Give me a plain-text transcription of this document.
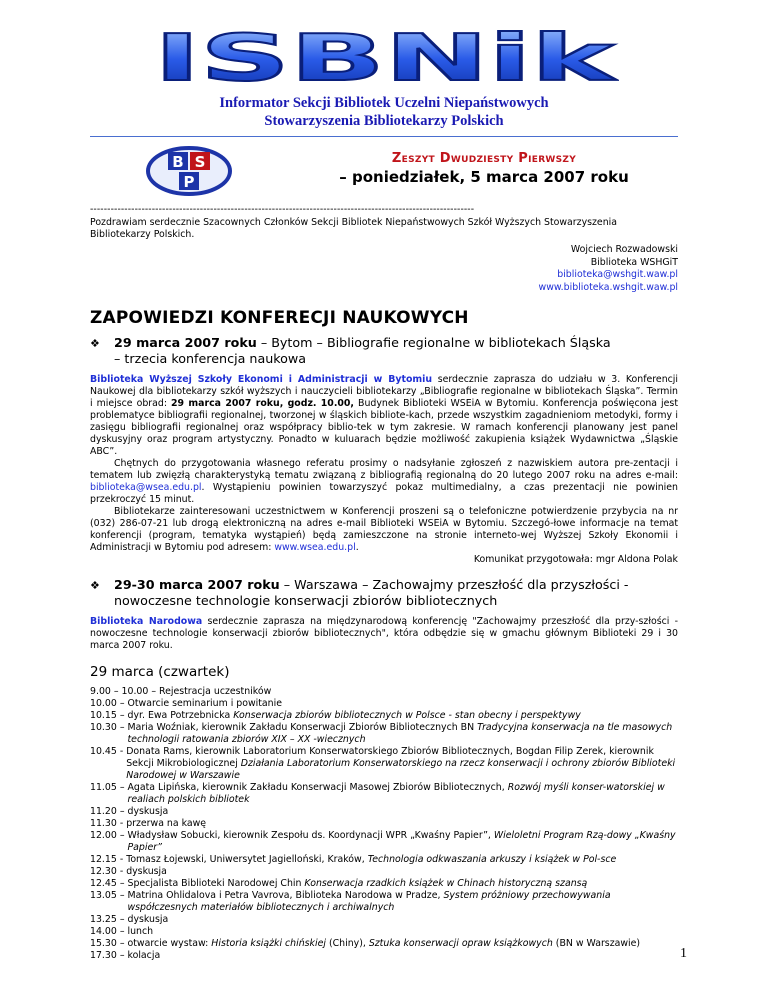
ISBNik
Informator Sekcji Bibliotek Uczelni Niepaństwowych
Stowarzyszenia Bibliotekarzy Polskich
B S
P
Zeszyt Dwudziesty Pierwszy
– poniedziałek, 5 marca 2007 roku
----------------------------------------------------------------------------------------------------------------
Pozdrawiam serdecznie Szacownych Członków Sekcji Bibliotek Niepaństwowych Szkół Wyższych Stowarzyszenia Bibliotekarzy Polskich.
Wojciech Rozwadowski
Biblioteka WSHGiT
biblioteka@wshgit.waw.pl
www.biblioteka.wshgit.waw.pl
ZAPOWIEDZI KONFERECJI NAUKOWYCH
❖	29 marca 2007 roku – Bytom – Bibliografie regionalne w bibliotekach Śląska
– trzecia konferencja naukowa
Biblioteka Wyższej Szkoły Ekonomi i Administracji w Bytomiu serdecznie zaprasza do udziału w 3. Konferencji Naukowej dla bibliotekarzy szkół wyższych i nauczycieli bibliotekarzy „Bibliografie regionalne w bibliotekach Śląska”. Termin i miejsce obrad: 29 marca 2007 roku, godz. 10.00, Budynek Biblioteki WSEiA w Bytomiu. Konferencja poświęcona jest problematyce bibliografii regionalnej, tworzonej w śląskich bibliote-kach, przede wszystkim zagadnieniom metodyki, formy i zasięgu bibliografii regionalnej oraz współpracy biblio-tek w tym zakresie. W ramach konferencji planowany jest panel dyskusyjny oraz program artystyczny. Ponadto w kuluarach będzie możliwość zakupienia książek Wydawnictwa „Śląskie ABC”.
Chętnych do przygotowania własnego referatu prosimy o nadsyłanie zgłoszeń z nazwiskiem autora pre-zentacji i tematem lub zwięzłą charakterystyką tematu związaną z bibliografią regionalną do 20 lutego 2007 roku na adres e-mail: biblioteka@wsea.edu.pl. Wystąpieniu powinien towarzyszyć pokaz multimedialny, a czas prezentacji nie powinien przekroczyć 15 minut.
Bibliotekarze zainteresowani uczestnictwem w Konferencji proszeni są o telefoniczne potwierdzenie przybycia na nr (032) 286-07-21 lub drogą elektroniczną na adres e-mail Biblioteki WSEiA w Bytomiu. Szczegó-łowe informacje na temat konferencji (program, tematyka wystąpień) będą zamieszczone na stronie interneto-wej Wyższej Szkoły Ekonomii i Administracji w Bytomiu pod adresem: www.wsea.edu.pl.
Komunikat przygotowała: mgr Aldona Polak
❖	29-30 marca 2007 roku – Warszawa – Zachowajmy przeszłość dla przyszłości - nowoczesne technologie konserwacji zbiorów bibliotecznych
Biblioteka Narodowa serdecznie zaprasza na międzynarodową konferencję "Zachowajmy przeszłość dla przy-szłości - nowoczesne technologie konserwacji zbiorów bibliotecznych", która odbędzie się w gmachu głównym Biblioteki 29 i 30 marca 2007 roku.
29 marca (czwartek)
9.00 – 10.00 – Rejestracja uczestników
10.00 – Otwarcie seminarium i powitanie
10.15 – dyr. Ewa Potrzebnicka Konserwacja zbiorów bibliotecznych w Polsce - stan obecny i perspektywy
10.30 – Maria Woźniak, kierownik Zakładu Konserwacji Zbiorów Bibliotecznych BN Tradycyjna konserwacja na tle masowych technologii ratowania zbiorów XIX – XX -wiecznych
10.45 - Donata Rams, kierownik Laboratorium Konserwatorskiego Zbiorów Bibliotecznych, Bogdan Filip Zerek, kierownik Sekcji Mikrobiologicznej Działania Laboratorium Konserwatorskiego na rzecz konserwacji i ochrony zbiorów Biblioteki Narodowej w Warszawie
11.05 – Agata Lipińska, kierownik Zakładu Konserwacji Masowej Zbiorów Bibliotecznych, Rozwój myśli konser-watorskiej w realiach polskich bibliotek
11.20 – dyskusja
11.30 - przerwa na kawę
12.00 – Władysław Sobucki, kierownik Zespołu ds. Koordynacji WPR „Kwaśny Papier”, Wieloletni Program Rzą-dowy „Kwaśny Papier”
12.15 - Tomasz Łojewski, Uniwersytet Jagielloński, Kraków, Technologia odkwaszania arkuszy i książek w Pol-sce
12.30 - dyskusja
12.45 – Specjalista Biblioteki Narodowej Chin Konserwacja rzadkich książek w Chinach historyczną szansą
13.05 – Matrina Ohlidalova i Petra Vavrova, Biblioteka Narodowa w Pradze, System próżniowy przechowywania współczesnych materiałów bibliotecznych i archiwalnych
13.25 – dyskusja
14.00 – lunch
15.30 – otwarcie wystaw: Historia książki chińskiej (Chiny), Sztuka konserwacji opraw książkowych (BN w Warszawie)
17.30 – kolacja	1
